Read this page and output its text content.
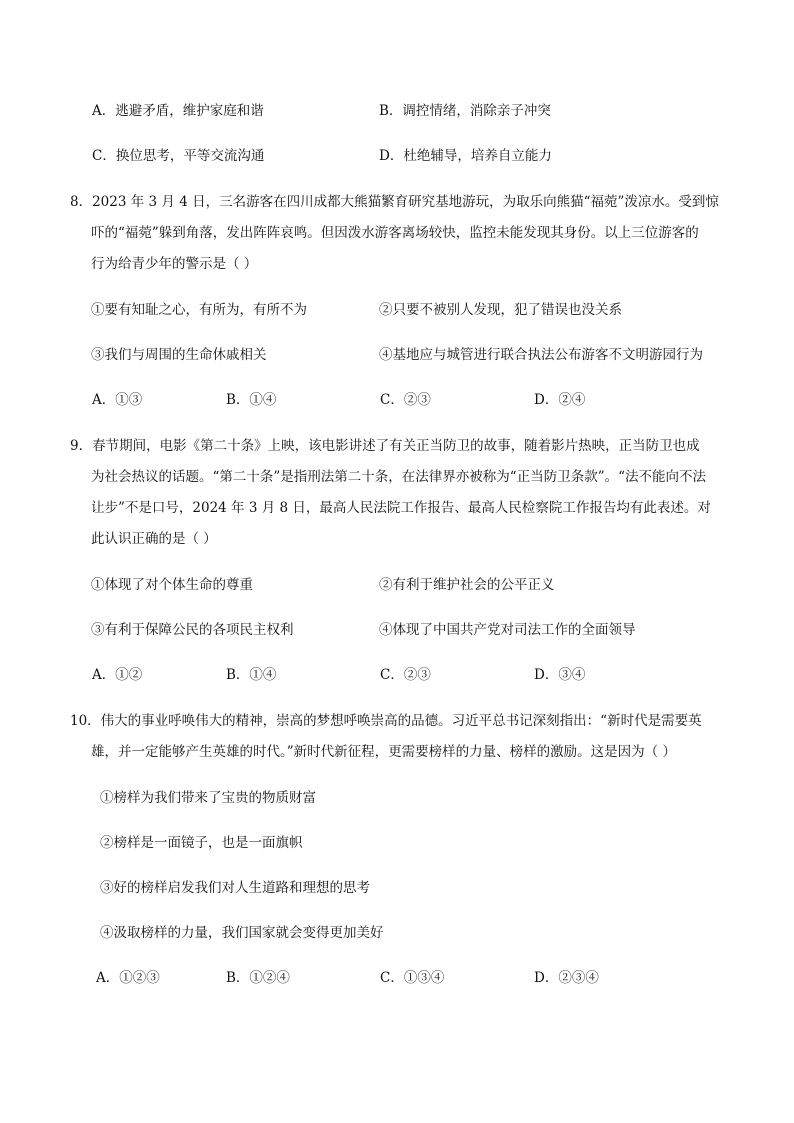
A．逃避矛盾，维护家庭和谐	B．调控情绪，消除亲子冲突
C．换位思考，平等交流沟通	D．杜绝辅导，培养自立能力
8．2023 年 3 月 4 日，三名游客在四川成都大熊猫繁育研究基地游玩，为取乐向熊猫“福菀”泼凉水。受到惊
吓的“福菀”躲到角落，发出阵阵哀鸣。但因泼水游客离场较快，监控未能发现其身份。以上三位游客的
行为给青少年的警示是（ ）
①要有知耻之心，有所为，有所不为	②只要不被别人发现，犯了错误也没关系
③我们与周围的生命休戚相关	④基地应与城管进行联合执法公布游客不文明游园行为
A．①③	B．①④	C．②③	D．②④
9．春节期间，电影《第二十条》上映，该电影讲述了有关正当防卫的故事，随着影片热映，正当防卫也成
为社会热议的话题。“第二十条”是指刑法第二十条，在法律界亦被称为“正当防卫条款”。“法不能向不法
让步”不是口号，2024 年 3 月 8 日，最高人民法院工作报告、最高人民检察院工作报告均有此表述。对
此认识正确的是（ ）
①体现了对个体生命的尊重	②有利于维护社会的公平正义
③有利于保障公民的各项民主权利	④体现了中国共产党对司法工作的全面领导
A．①②	B．①④	C．②③	D．③④
10．伟大的事业呼唤伟大的精神，崇高的梦想呼唤崇高的品德。习近平总书记深刻指出：“新时代是需要英
雄，并一定能够产生英雄的时代。”新时代新征程，更需要榜样的力量、榜样的激励。这是因为（ ）
①榜样为我们带来了宝贵的物质财富
②榜样是一面镜子，也是一面旗帜
③好的榜样启发我们对人生道路和理想的思考
④汲取榜样的力量，我们国家就会变得更加美好
A．①②③	B．①②④	C．①③④	D．②③④
